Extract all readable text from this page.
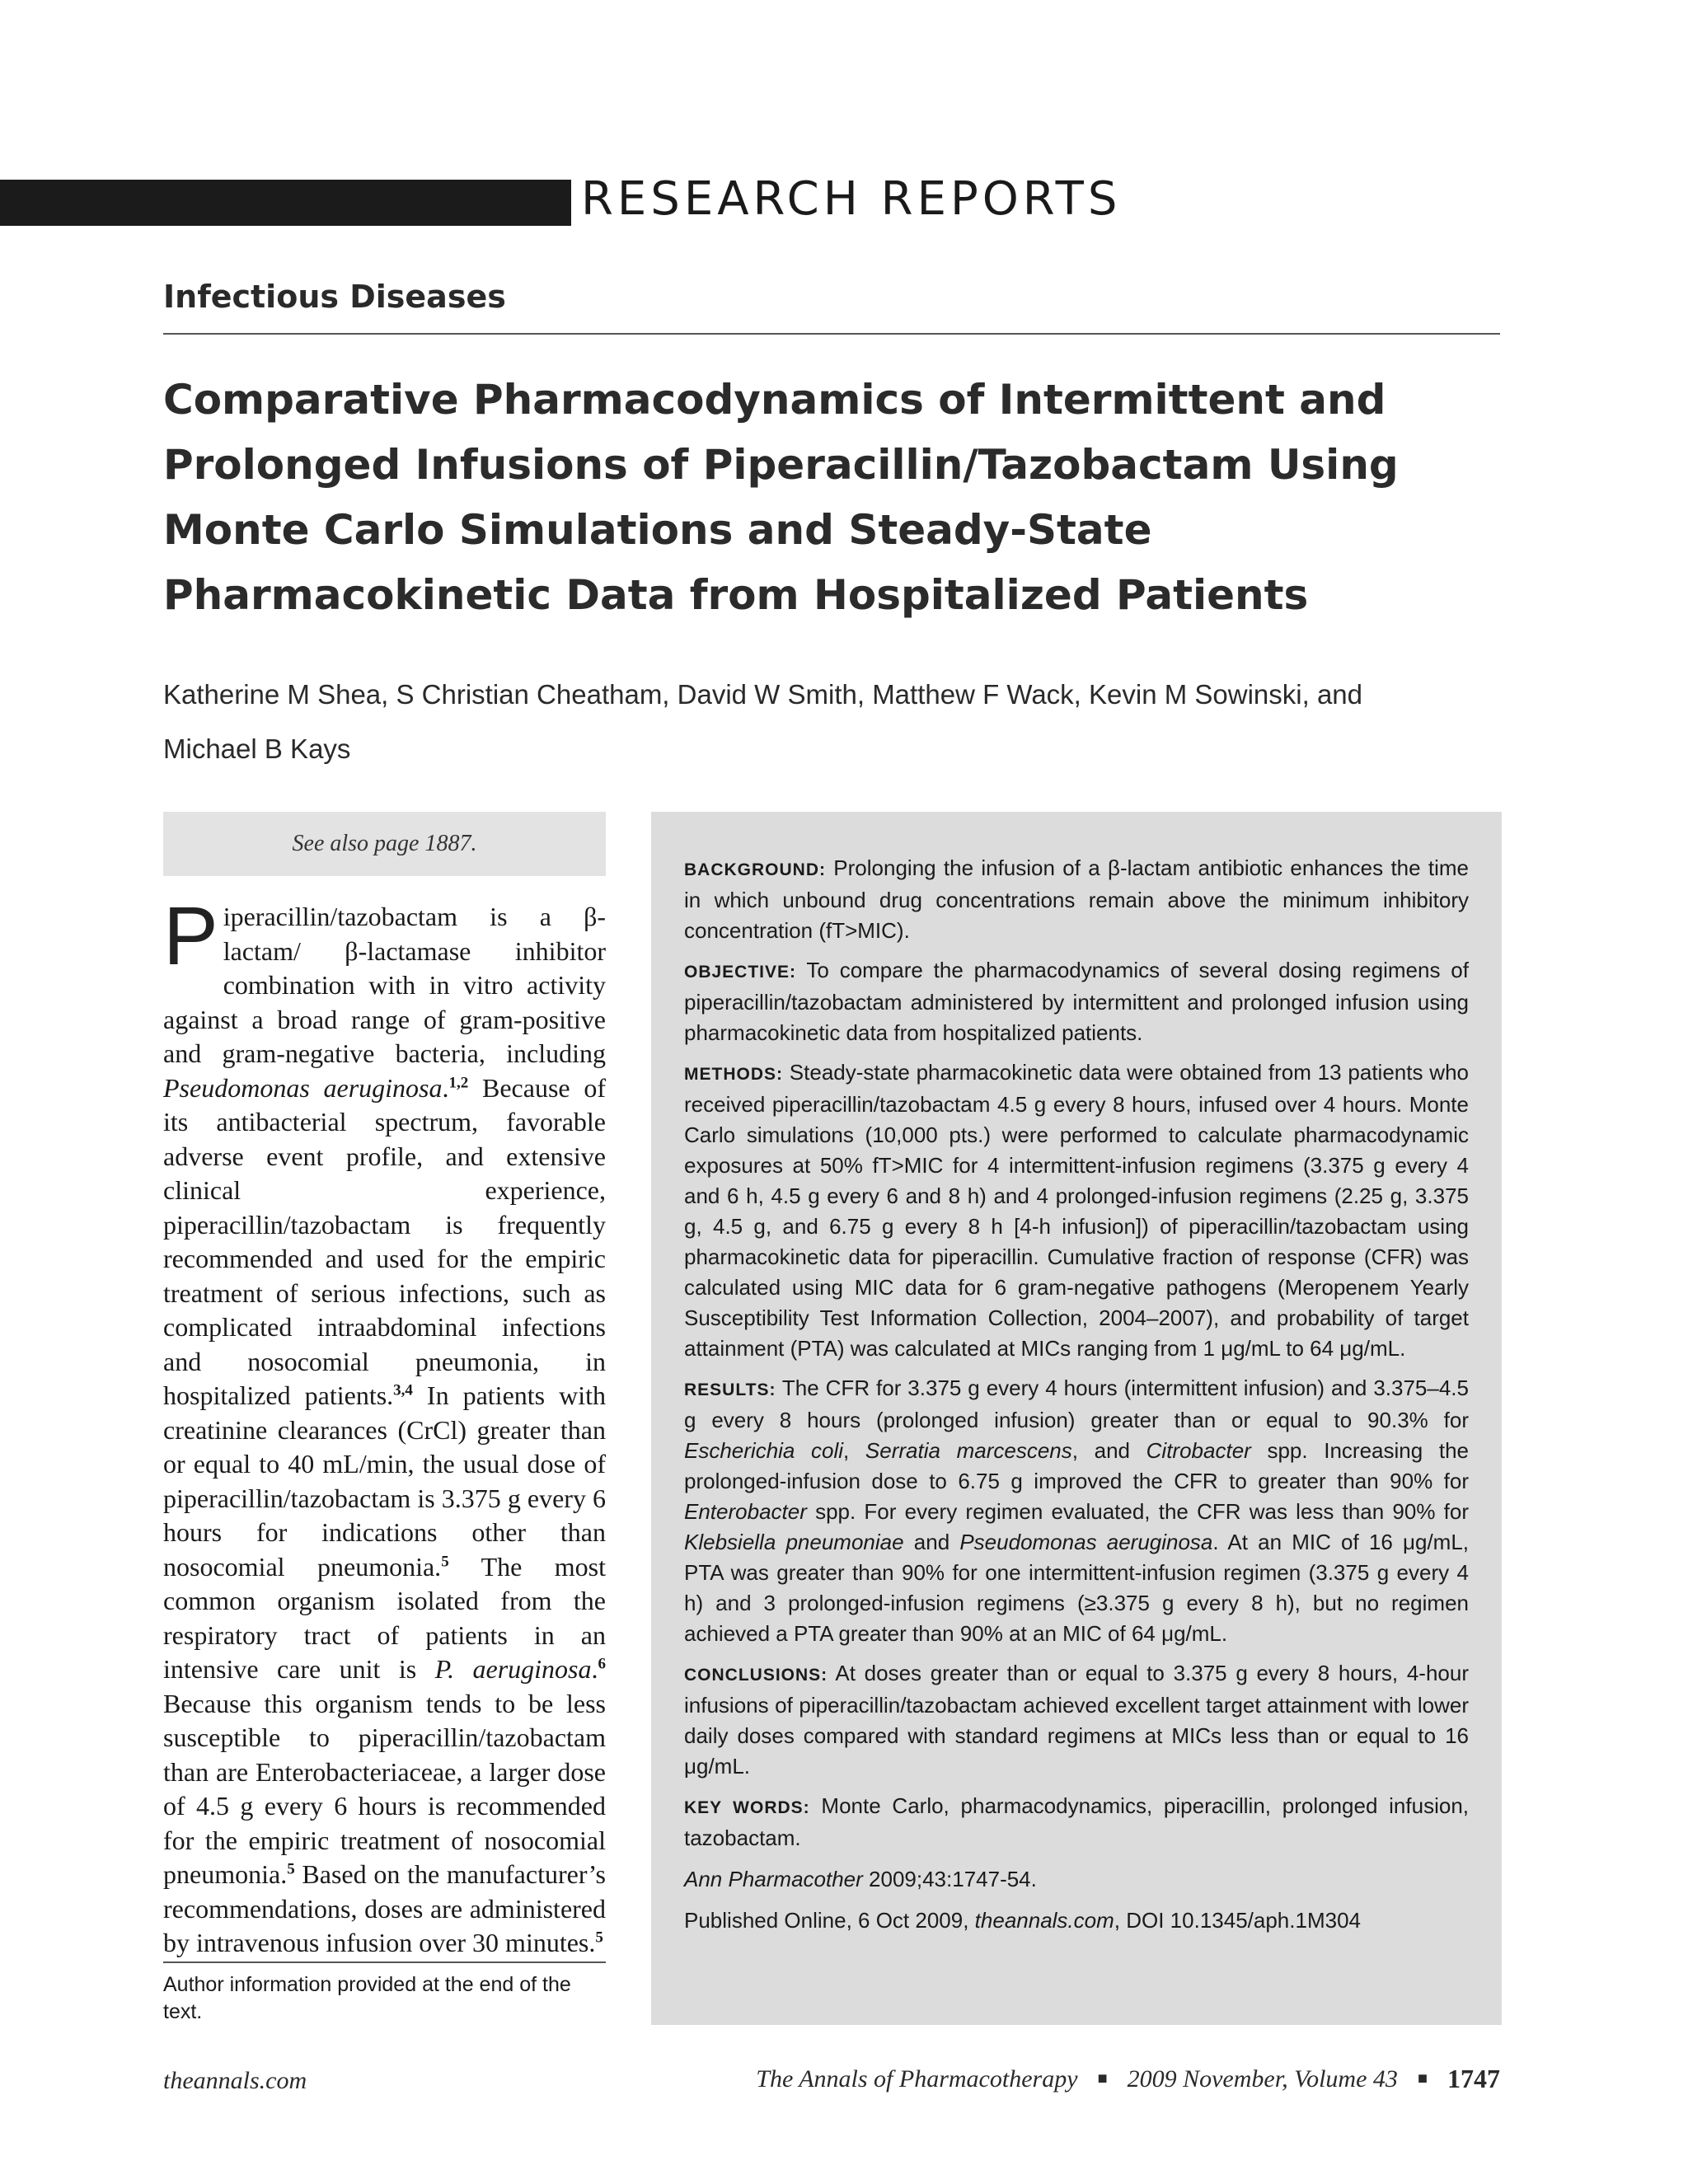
RESEARCH REPORTS
Infectious Diseases
Comparative Pharmacodynamics of Intermittent and Prolonged Infusions of Piperacillin/Tazobactam Using Monte Carlo Simulations and Steady-State Pharmacokinetic Data from Hospitalized Patients
Katherine M Shea, S Christian Cheatham, David W Smith, Matthew F Wack, Kevin M Sowinski, and
Michael B Kays
See also page 1887.
Piperacillin/tazobactam is a β-lactam/ β-lactamase inhibitor combination with in vitro activity against a broad range of gram-positive and gram-negative bacteria, including Pseudomonas aeruginosa.$^{1,2}$ Because of its antibacterial spectrum, favorable adverse event profile, and extensive clinical experience, piperacillin/tazobactam is frequently recommended and used for the empiric treatment of serious infections, such as complicated intraabdominal infections and nosocomial pneumonia, in hospitalized patients.$^{3,4}$ In patients with creatinine clearances (CrCl) greater than or equal to 40 mL/min, the usual dose of piperacillin/tazobactam is 3.375 g every 6 hours for indications other than nosocomial pneumonia.$^5$ The most common organism isolated from the respiratory tract of patients in an intensive care unit is P. aeruginosa.$^6$ Because this organism tends to be less susceptible to piperacillin/tazobactam than are Enterobacteriaceae, a larger dose of 4.5 g every 6 hours is recommended for the empiric treatment of nosocomial pneumonia.$^5$ Based on the manufacturer’s recommendations, doses are administered by intravenous infusion over 30 minutes.$^5$
Author information provided at the end of the text.

BACKGROUND: Prolonging the infusion of a β-lactam antibiotic enhances the time in which unbound drug concentrations remain above the minimum inhibitory concentration (fT>MIC).

OBJECTIVE: To compare the pharmacodynamics of several dosing regimens of piperacillin/tazobactam administered by intermittent and prolonged infusion using pharmacokinetic data from hospitalized patients.

METHODS: Steady-state pharmacokinetic data were obtained from 13 patients who received piperacillin/tazobactam 4.5 g every 8 hours, infused over 4 hours. Monte Carlo simulations (10,000 pts.) were performed to calculate pharmacodynamic exposures at 50% fT>MIC for 4 intermittent-infusion regimens (3.375 g every 4 and 6 h, 4.5 g every 6 and 8 h) and 4 prolonged-infusion regimens (2.25 g, 3.375 g, 4.5 g, and 6.75 g every 8 h [4-h infusion]) of piperacillin/tazobactam using pharmacokinetic data for piperacillin. Cumulative fraction of response (CFR) was calculated using MIC data for 6 gram-negative pathogens (Meropenem Yearly Susceptibility Test Information Collection, 2004–2007), and probability of target attainment (PTA) was calculated at MICs ranging from 1 μg/mL to 64 μg/mL.

RESULTS: The CFR for 3.375 g every 4 hours (intermittent infusion) and 3.375–4.5 g every 8 hours (prolonged infusion) greater than or equal to 90.3% for Escherichia coli, Serratia marcescens, and Citrobacter spp. Increasing the prolonged-infusion dose to 6.75 g improved the CFR to greater than 90% for Enterobacter spp. For every regimen evaluated, the CFR was less than 90% for Klebsiella pneumoniae and Pseudomonas aeruginosa. At an MIC of 16 μg/mL, PTA was greater than 90% for one intermittent-infusion regimen (3.375 g every 4 h) and 3 prolonged-infusion regimens (≥3.375 g every 8 h), but no regimen achieved a PTA greater than 90% at an MIC of 64 μg/mL.

CONCLUSIONS: At doses greater than or equal to 3.375 g every 8 hours, 4-hour infusions of piperacillin/tazobactam achieved excellent target attainment with lower daily doses compared with standard regimens at MICs less than or equal to 16 μg/mL.

KEY WORDS: Monte Carlo, pharmacodynamics, piperacillin, prolonged infusion, tazobactam.

Ann Pharmacother 2009;43:1747-54.

Published Online, 6 Oct 2009, theannals.com, DOI 10.1345/aph.1M304

theannals.com	The Annals of Pharmacotherapy ■ 2009 November, Volume 43 ■ 1747
